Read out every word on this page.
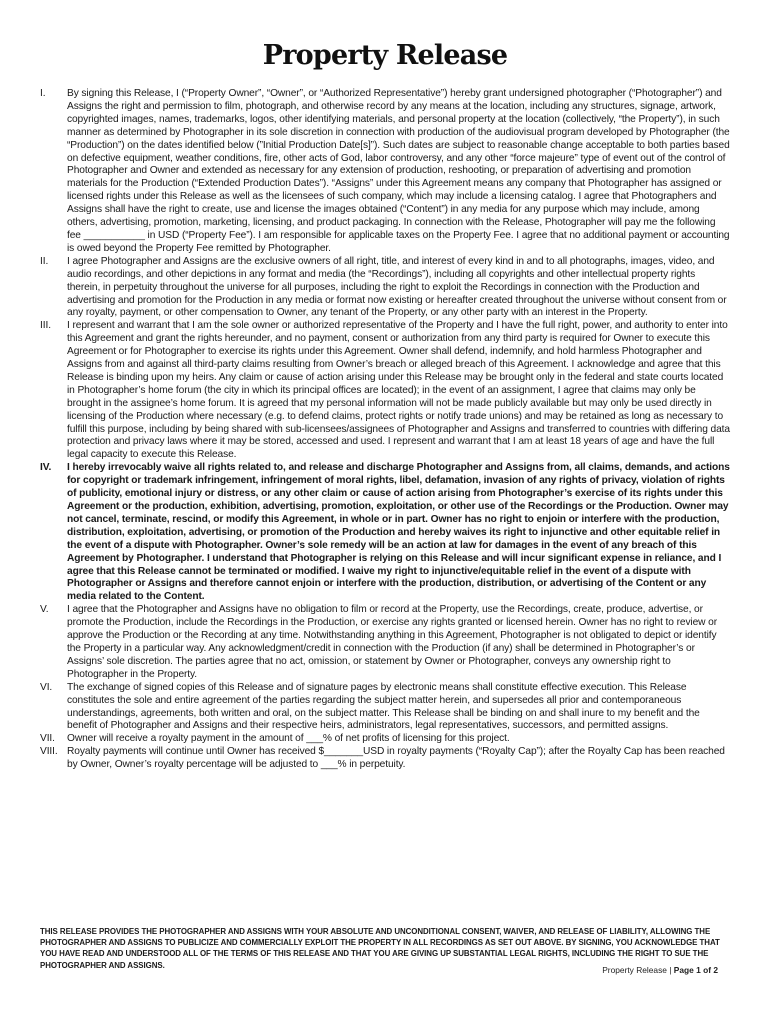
Property Release
I.	By signing this Release, I (“Property Owner”, “Owner”, or “Authorized Representative”) hereby grant undersigned photographer (“Photographer”) and Assigns the right and permission to film, photograph, and otherwise record by any means at the location, including any structures, signage, artwork, copyrighted images, names, trademarks, logos, other identifying materials, and personal property at the location (collectively, “the Property”), in such manner as determined by Photographer in its sole discretion in connection with production of the audiovisual program developed by Photographer (the “Production”) on the dates identified below (”Initial Production Date[s]”). Such dates are subject to reasonable change acceptable to both parties based on defective equipment, weather conditions, fire, other acts of God, labor controversy, and any other “force majeure” type of event out of the control of Photographer and Owner and extended as necessary for any extension of production, reshooting, or preparation of advertising and promotion materials for the Production (“Extended Production Dates”). “Assigns” under this Agreement means any company that Photographer has assigned or licensed rights under this Release as well as the licensees of such company, which may include a licensing catalog. I agree that Photographers and Assigns shall have the right to create, use and license the images obtained (“Content”) in any media for any purpose which may include, among others, advertising, promotion, marketing, licensing, and product packaging. In connection with the Release, Photographer will pay me the following fee ___________ in USD (“Property Fee”). I am responsible for applicable taxes on the Property Fee. I agree that no additional payment or accounting is owed beyond the Property Fee remitted by Photographer.
II.	I agree Photographer and Assigns are the exclusive owners of all right, title, and interest of every kind in and to all photographs, images, video, and audio recordings, and other depictions in any format and media (the “Recordings”), including all copyrights and other intellectual property rights therein, in perpetuity throughout the universe for all purposes, including the right to exploit the Recordings in connection with the Production and advertising and promotion for the Production in any media or format now existing or hereafter created throughout the universe without consent from or any royalty, payment, or other compensation to Owner, any tenant of the Property, or any other party with an interest in the Property.
III.	I represent and warrant that I am the sole owner or authorized representative of the Property and I have the full right, power, and authority to enter into this Agreement and grant the rights hereunder, and no payment, consent or authorization from any third party is required for Owner to execute this Agreement or for Photographer to exercise its rights under this Agreement. Owner shall defend, indemnify, and hold harmless Photographer and Assigns from and against all third-party claims resulting from Owner’s breach or alleged breach of this Agreement. I acknowledge and agree that this Release is binding upon my heirs. Any claim or cause of action arising under this Release may be brought only in the federal and state courts located in Photographer’s home forum (the city in which its principal offices are located); in the event of an assignment, I agree that claims may only be brought in the assignee’s home forum. It is agreed that my personal information will not be made publicly available but may only be used directly in licensing of the Production where necessary (e.g. to defend claims, protect rights or notify trade unions) and may be retained as long as necessary to fulfill this purpose, including by being shared with sub-licensees/assignees of Photographer and Assigns and transferred to countries with differing data protection and privacy laws where it may be stored, accessed and used. I represent and warrant that I am at least 18 years of age and have the full legal capacity to execute this Release.
IV.	I hereby irrevocably waive all rights related to, and release and discharge Photographer and Assigns from, all claims, demands, and actions for copyright or trademark infringement, infringement of moral rights, libel, defamation, invasion of any rights of privacy, violation of rights of publicity, emotional injury or distress, or any other claim or cause of action arising from Photographer’s exercise of its rights under this Agreement or the production, exhibition, advertising, promotion, exploitation, or other use of the Recordings or the Production. Owner may not cancel, terminate, rescind, or modify this Agreement, in whole or in part. Owner has no right to enjoin or interfere with the production, distribution, exploitation, advertising, or promotion of the Production and hereby waives its right to injunctive and other equitable relief in the event of a dispute with Photographer. Owner’s sole remedy will be an action at law for damages in the event of any breach of this Agreement by Photographer. I understand that Photographer is relying on this Release and will incur significant expense in reliance, and I agree that this Release cannot be terminated or modified. I waive my right to injunctive/equitable relief in the event of a dispute with Photographer or Assigns and therefore cannot enjoin or interfere with the production, distribution, or advertising of the Content or any media related to the Content.
V.	I agree that the Photographer and Assigns have no obligation to film or record at the Property, use the Recordings, create, produce, advertise, or promote the Production, include the Recordings in the Production, or exercise any rights granted or licensed herein. Owner has no right to review or approve the Production or the Recording at any time. Notwithstanding anything in this Agreement, Photographer is not obligated to depict or identify the Property in a particular way. Any acknowledgment/credit in connection with the Production (if any) shall be determined in Photographer’s or Assigns’ sole discretion. The parties agree that no act, omission, or statement by Owner or Photographer, conveys any ownership right to Photographer in the Property.
VI.	The exchange of signed copies of this Release and of signature pages by electronic means shall constitute effective execution. This Release constitutes the sole and entire agreement of the parties regarding the subject matter herein, and supersedes all prior and contemporaneous understandings, agreements, both written and oral, on the subject matter. This Release shall be binding on and shall inure to my benefit and the benefit of Photographer and Assigns and their respective heirs, administrators, legal representatives, successors, and permitted assigns.
VII.	Owner will receive a royalty payment in the amount of ___% of net profits of licensing for this project.
VIII. Royalty payments will continue until Owner has received $_______USD in royalty payments (“Royalty Cap”); after the Royalty Cap has been reached by Owner, Owner’s royalty percentage will be adjusted to ___% in perpetuity.
THIS RELEASE PROVIDES THE PHOTOGRAPHER AND ASSIGNS WITH YOUR ABSOLUTE AND UNCONDITIONAL CONSENT, WAIVER, AND RELEASE OF LIABILITY, ALLOWING THE PHOTOGRAPHER AND ASSIGNS TO PUBLICIZE AND COMMERCIALLY EXPLOIT THE PROPERTY IN ALL RECORDINGS AS SET OUT ABOVE. BY SIGNING, YOU ACKNOWLEDGE THAT YOU HAVE READ AND UNDERSTOOD ALL OF THE TERMS OF THIS RELEASE AND THAT YOU ARE GIVING UP SUBSTANTIAL LEGAL RIGHTS, INCLUDING THE RIGHT TO SUE THE PHOTOGRAPHER AND ASSIGNS.	Property Release | Page 1 of 2
